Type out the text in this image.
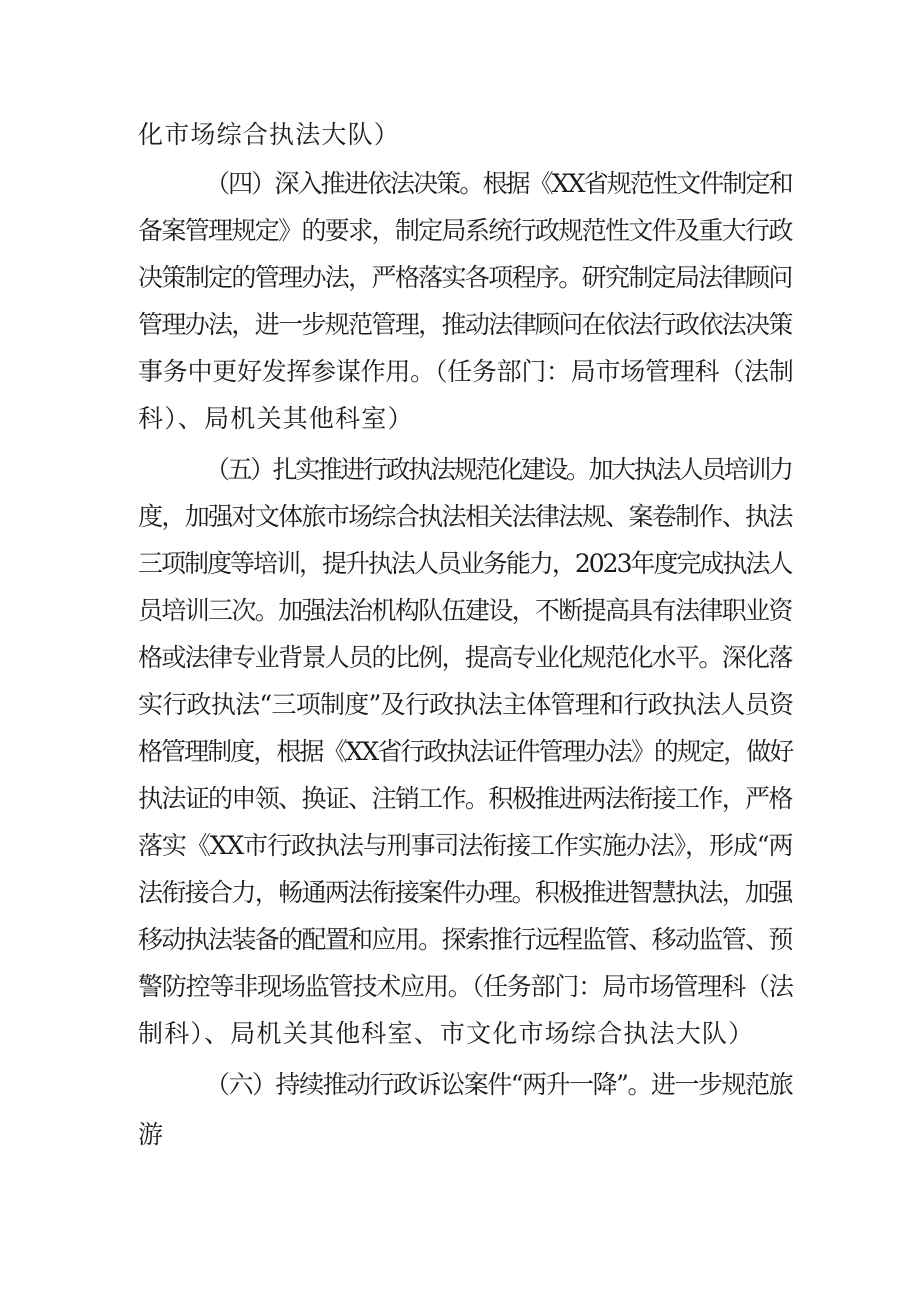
化市场综合执法大队）
（四）深入推进依法决策。根据《XX省规范性文件制定和
备案管理规定》的要求，制定局系统行政规范性文件及重大行政
决策制定的管理办法，严格落实各项程序。研究制定局法律顾问
管理办法，进一步规范管理，推动法律顾问在依法行政依法决策
事务中更好发挥参谋作用。（任务部门：局市场管理科（法制
科）、局机关其他科室）
（五）扎实推进行政执法规范化建设。加大执法人员培训力
度，加强对文体旅市场综合执法相关法律法规、案卷制作、执法
三项制度等培训，提升执法人员业务能力，2023年度完成执法人
员培训三次。加强法治机构队伍建设，不断提高具有法律职业资
格或法律专业背景人员的比例，提高专业化规范化水平。深化落
实行政执法“三项制度”及行政执法主体管理和行政执法人员资
格管理制度，根据《XX省行政执法证件管理办法》的规定，做好
执法证的申领、换证、注销工作。积极推进两法衔接工作，严格
落实《XX市行政执法与刑事司法衔接工作实施办法》，形成“两
法衔接合力，畅通两法衔接案件办理。积极推进智慧执法，加强
移动执法装备的配置和应用。探索推行远程监管、移动监管、预
警防控等非现场监管技术应用。（任务部门：局市场管理科（法
制科）、局机关其他科室、市文化市场综合执法大队）
（六）持续推动行政诉讼案件“两升一降”。进一步规范旅
游
